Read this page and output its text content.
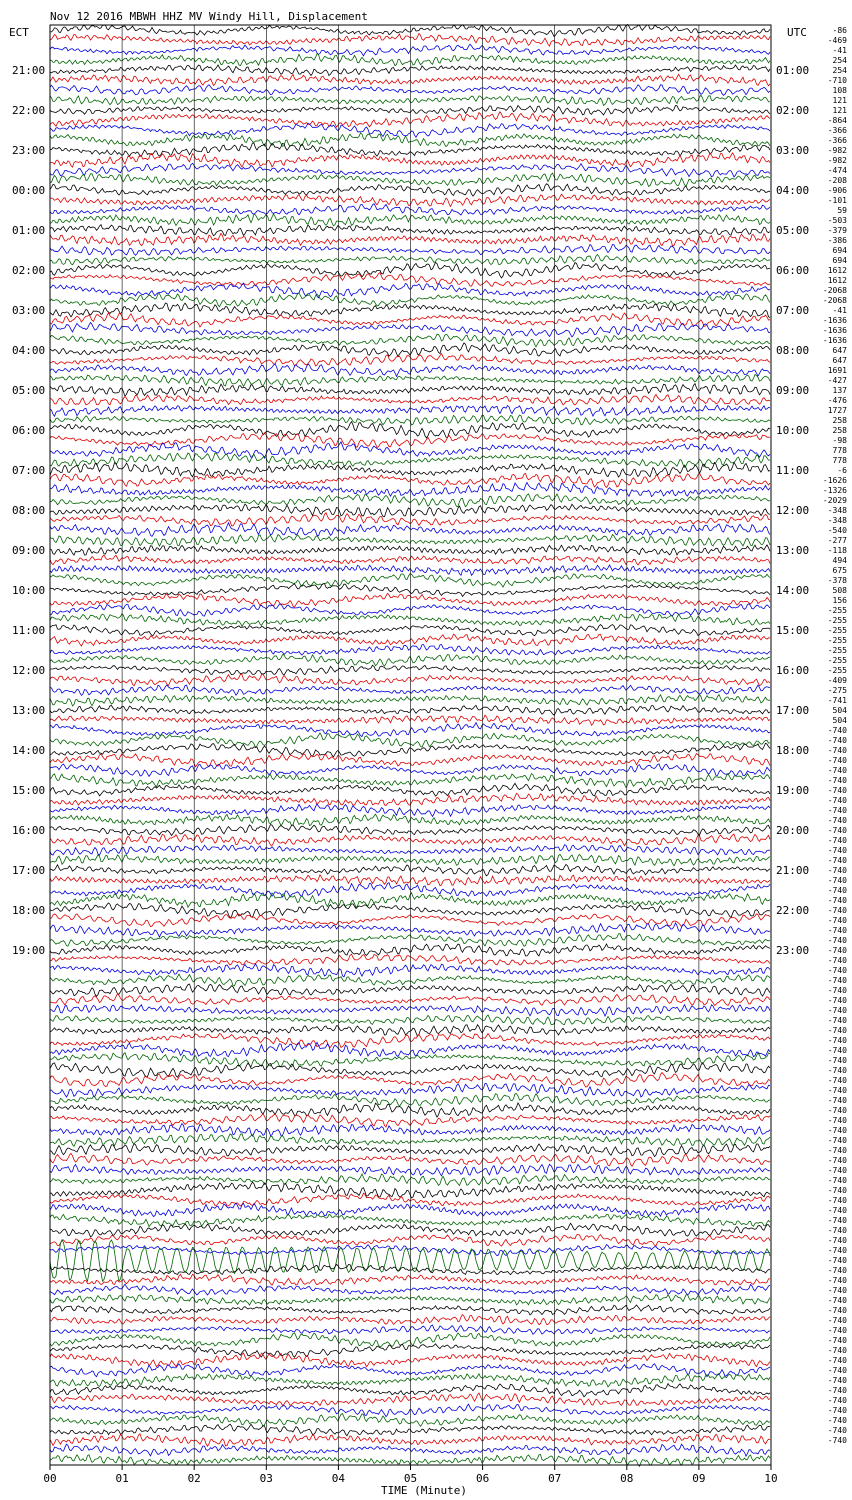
Nov 12 2016 MBWH HHZ MV Windy Hill, Displacement
ECT	UTC
21:00
22:00
23:00
00:00
01:00
02:00
03:00
04:00
05:00
06:00
07:00
08:00
09:00
10:00
11:00
12:00
13:00
14:00
15:00
16:00
17:00
18:00
19:00
01:00
02:00
03:00
04:00
05:00
06:00
07:00
08:00
09:00
10:00
11:00
12:00
13:00
14:00
15:00
16:00
17:00
18:00
19:00
20:00
21:00
22:00
23:00
-86
-469
-41
254
254
-710
108
121
121
-864
-366
-366
-982
-982
-474
-208
-906
-101
59
-503
-379
-386
694
694
1612
1612
-2068
-2068
-41
-1636
-1636
-1636
647
647
1691
-427
137
-476
1727
258
258
-98
778
778
-6
-1626
-1326
-2029
-348
-348
-540
-277
-118
494
675
-378
508
156
-255
-255
-255
-255
-255
-255
-255
-409
-275
-741
504
504
-740
-740
-740
-740
-740
-740
-740
-740
-740
-740
-740
-740
-740
-740
-740
-740
-740
-740
-740
-740
-740
-740
-740
-740
-740
-740
-740
-740
-740
-740
-740
-740
-740
-740
-740
-740
-740
-740
-740
-740
-740
-740
-740
-740
-740
-740
-740
-740
-740
-740
-740
-740
-740
-740
-740
-740
-740
-740
-740
-740
-740
-740
-740
-740
-740
-740
-740
-740
-740
-740
-740
-740
00	01	02	03	04	05	06	07	08	09	10
TIME (Minute)
